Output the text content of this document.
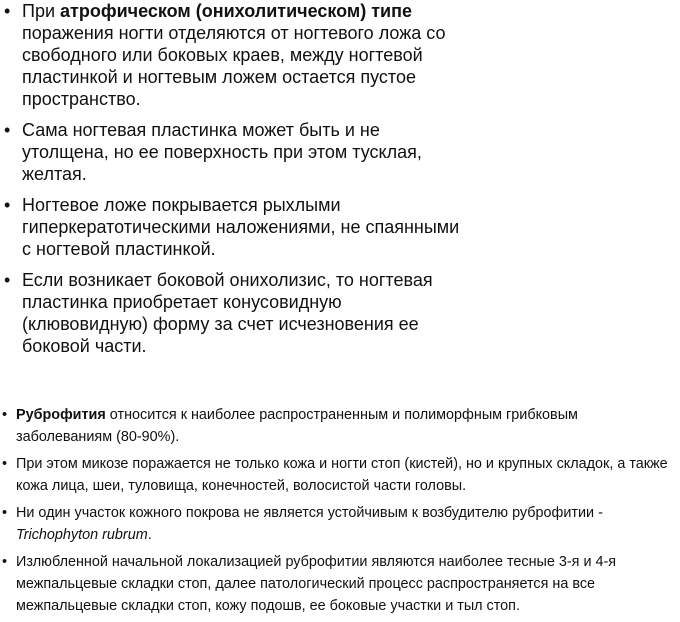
• При атрофическом (онихолитическом) типе поражения ногти отделяются от ногтевого ложа со свободного или боковых краев, между ногтевой пластинкой и ногтевым ложем остается пустое пространство.
• Сама ногтевая пластинка может быть и не утолщена, но ее поверхность при этом тусклая, желтая.
• Ногтевое ложе покрывается рыхлыми гиперкератотическими наложениями, не спаянными с ногтевой пластинкой.
• Если возникает боковой онихолизис, то ногтевая пластинка приобретает конусовидную (клювовидную) форму за счет исчезновения ее боковой части.
• Руброфития относится к наиболее распространенным и полиморфным грибковым заболеваниям (80-90%).
• При этом микозе поражается не только кожа и ногти стоп (кистей), но и крупных складок, а также кожа лица, шеи, туловища, конечностей, волосистой части головы.
• Ни один участок кожного покрова не является устойчивым к возбудителю руброфитии - Trichophyton rubrum.
• Излюбленной начальной локализацией руброфитии являются наиболее тесные 3-я и 4-я межпальцевые складки стоп, далее патологический процесс распространяется на все межпальцевые складки стоп, кожу подошв, ее боковые участки и тыл стоп.
